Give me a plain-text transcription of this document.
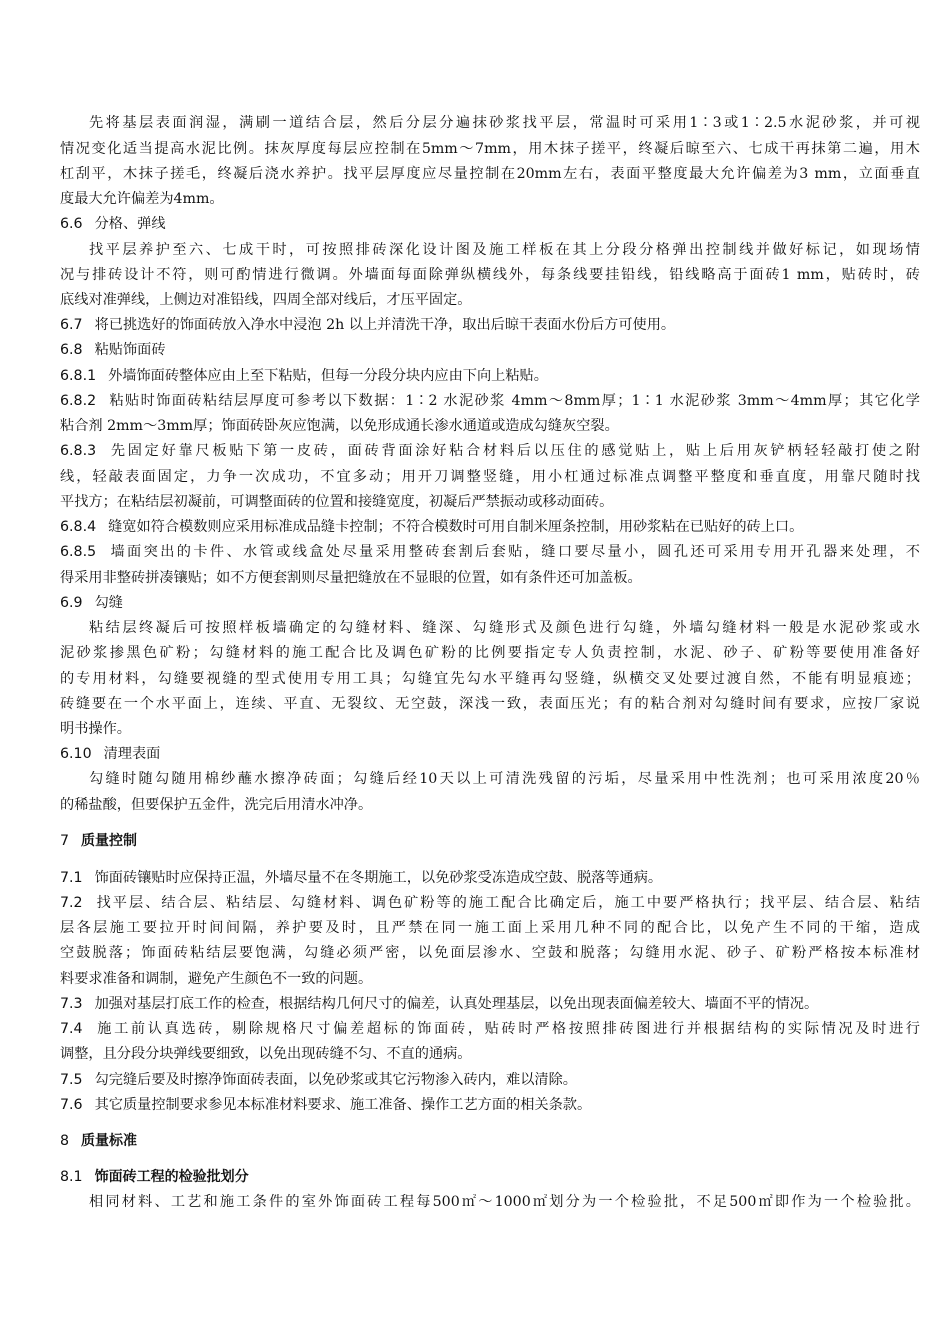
先将基层表面润湿，满刷一道结合层，然后分层分遍抹砂浆找平层，常温时可采用1∶3或1∶2.5水泥砂浆，并可视
情况变化适当提高水泥比例。抹灰厚度每层应控制在5mm～7mm，用木抹子搓平，终凝后晾至六、七成干再抹第二遍，用木
杠刮平，木抹子搓毛，终凝后浇水养护。找平层厚度应尽量控制在20mm左右，表面平整度最大允许偏差为3 mm，立面垂直
度最大允许偏差为4mm。
6.6 分格、弹线
找平层养护至六、七成干时，可按照排砖深化设计图及施工样板在其上分段分格弹出控制线并做好标记，如现场情
况与排砖设计不符，则可酌情进行微调。外墙面每面除弹纵横线外，每条线要挂铅线，铅线略高于面砖1 mm，贴砖时，砖
底线对准弹线，上侧边对准铅线，四周全部对线后，才压平固定。
6.7 将已挑选好的饰面砖放入净水中浸泡 2h 以上并清洗干净，取出后晾干表面水份后方可使用。
6.8 粘贴饰面砖
6.8.1 外墙饰面砖整体应由上至下粘贴，但每一分段分块内应由下向上粘贴。
6.8.2 粘贴时饰面砖粘结层厚度可参考以下数据：1∶2 水泥砂浆 4mm～8mm厚；1∶1 水泥砂浆 3mm～4mm厚；其它化学
粘合剂 2mm～3mm厚；饰面砖卧灰应饱满，以免形成通长渗水通道或造成勾缝灰空裂。
6.8.3 先固定好靠尺板贴下第一皮砖，面砖背面涂好粘合材料后以压住的感觉贴上，贴上后用灰铲柄轻轻敲打使之附
线，轻敲表面固定，力争一次成功，不宜多动；用开刀调整竖缝，用小杠通过标准点调整平整度和垂直度，用靠尺随时找
平找方；在粘结层初凝前，可调整面砖的位置和接缝宽度，初凝后严禁振动或移动面砖。
6.8.4 缝宽如符合模数则应采用标准成品缝卡控制；不符合模数时可用自制米厘条控制，用砂浆粘在已贴好的砖上口。
6.8.5 墙面突出的卡件、水管或线盒处尽量采用整砖套割后套贴，缝口要尽量小，圆孔还可采用专用开孔器来处理，不
得采用非整砖拼凑镶贴；如不方便套割则尽量把缝放在不显眼的位置，如有条件还可加盖板。
6.9 勾缝
粘结层终凝后可按照样板墙确定的勾缝材料、缝深、勾缝形式及颜色进行勾缝，外墙勾缝材料一般是水泥砂浆或水
泥砂浆掺黑色矿粉；勾缝材料的施工配合比及调色矿粉的比例要指定专人负责控制，水泥、砂子、矿粉等要使用准备好
的专用材料，勾缝要视缝的型式使用专用工具；勾缝宜先勾水平缝再勾竖缝，纵横交叉处要过渡自然，不能有明显痕迹；
砖缝要在一个水平面上，连续、平直、无裂纹、无空鼓，深浅一致，表面压光；有的粘合剂对勾缝时间有要求，应按厂家说
明书操作。
6.10 清理表面
勾缝时随勾随用棉纱蘸水擦净砖面；勾缝后经10天以上可清洗残留的污垢，尽量采用中性洗剂；也可采用浓度20％
的稀盐酸，但要保护五金件，洗完后用清水冲净。
7 质量控制
7.1 饰面砖镶贴时应保持正温，外墙尽量不在冬期施工，以免砂浆受冻造成空鼓、脱落等通病。
7.2 找平层、结合层、粘结层、勾缝材料、调色矿粉等的施工配合比确定后，施工中要严格执行；找平层、结合层、粘结
层各层施工要拉开时间间隔，养护要及时，且严禁在同一施工面上采用几种不同的配合比，以免产生不同的干缩，造成
空鼓脱落；饰面砖粘结层要饱满，勾缝必须严密，以免面层渗水、空鼓和脱落；勾缝用水泥、砂子、矿粉严格按本标准材
料要求准备和调制，避免产生颜色不一致的问题。
7.3 加强对基层打底工作的检查，根据结构几何尺寸的偏差，认真处理基层，以免出现表面偏差较大、墙面不平的情况。
7.4 施工前认真选砖，剔除规格尺寸偏差超标的饰面砖，贴砖时严格按照排砖图进行并根据结构的实际情况及时进行
调整，且分段分块弹线要细致，以免出现砖缝不匀、不直的通病。
7.5 勾完缝后要及时擦净饰面砖表面，以免砂浆或其它污物渗入砖内，难以清除。
7.6 其它质量控制要求参见本标准材料要求、施工准备、操作工艺方面的相关条款。
8 质量标准
8.1 饰面砖工程的检验批划分
相同材料、工艺和施工条件的室外饰面砖工程每500㎡～1000㎡划分为一个检验批，不足500㎡即作为一个检验批。
